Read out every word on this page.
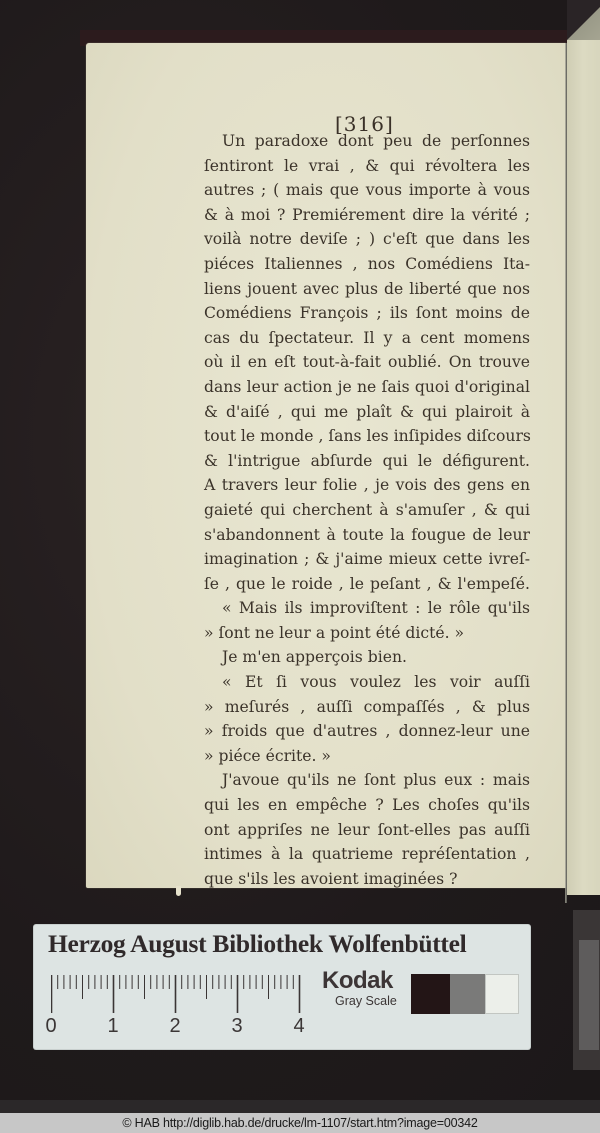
[316]
Un paradoxe dont peu de perſonnes
ſentiront le vrai , & qui révoltera les
autres ; ( mais que vous importe à vous
& à moi ? Premiérement dire la vérité ;
voilà notre deviſe ; ) c'eſt que dans les
piéces Italiennes , nos Comédiens Ita-
liens jouent avec plus de liberté que nos
Comédiens François ; ils ſont moins de
cas du ſpectateur. Il y a cent momens
où il en eſt tout-à-fait oublié. On trouve
dans leur action je ne ſais quoi d'original
& d'aiſé , qui me plaît & qui plairoit à
tout le monde , ſans les inſipides diſcours
& l'intrigue abſurde qui le défigurent.
A travers leur folie , je vois des gens en
gaieté qui cherchent à s'amuſer , & qui
s'abandonnent à toute la fougue de leur
imagination ; & j'aime mieux cette ivreſ-
ſe , que le roide , le peſant , & l'empeſé.
« Mais ils improviſtent : le rôle qu'ils
» ſont ne leur a point été dicté. »
Je m'en apperçois bien.
« Et ſi vous voulez les voir auſſi
» meſurés , auſſi compaſſés , & plus
» froids que d'autres , donnez-leur une
» piéce écrite. »
J'avoue qu'ils ne ſont plus eux : mais
qui les en empêche ? Les choſes qu'ils
ont appriſes ne leur ſont-elles pas auſſi
intimes à la quatrieme repréſentation ,
que s'ils les avoient imaginées ?
Herzog August Bibliothek Wolfenbüttel
0	1	2	3	4
Kodak
Gray Scale
© HAB http://diglib.hab.de/drucke/lm-1107/start.htm?image=00342
